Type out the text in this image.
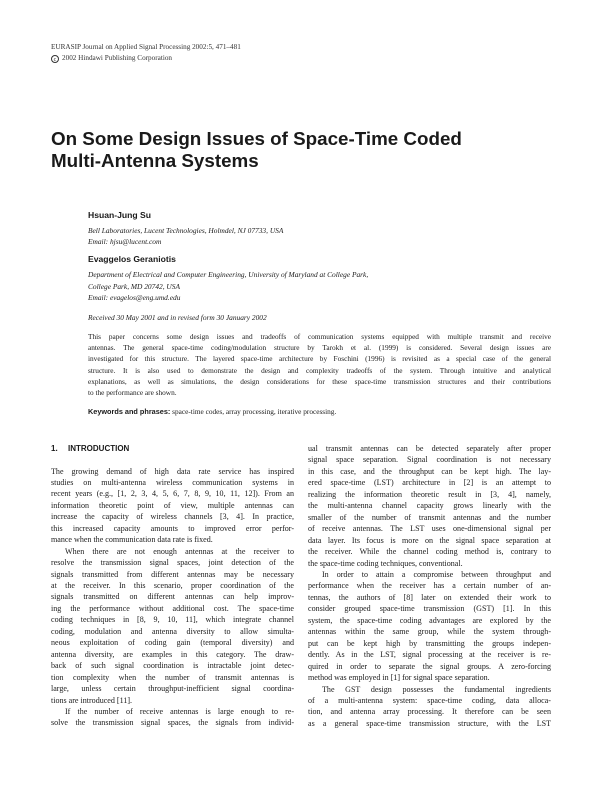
EURASIP Journal on Applied Signal Processing 2002:5, 471–481
c 2002 Hindawi Publishing Corporation
On Some Design Issues of Space-Time Coded
Multi-Antenna Systems
Hsuan-Jung Su
Bell Laboratories, Lucent Technologies, Holmdel, NJ 07733, USA
Email: hjsu@lucent.com
Evaggelos Geraniotis
Department of Electrical and Computer Engineering, University of Maryland at College Park,
College Park, MD 20742, USA
Email: evagelos@eng.umd.edu
Received 30 May 2001 and in revised form 30 January 2002
This paper concerns some design issues and tradeoffs of communication systems equipped with multiple transmit and receive
antennas. The general space-time coding/modulation structure by Tarokh et al. (1999) is considered. Several design issues are
investigated for this structure. The layered space-time architecture by Foschini (1996) is revisited as a special case of the general
structure. It is also used to demonstrate the design and complexity tradeoffs of the system. Through intuitive and analytical
explanations, as well as simulations, the design considerations for these space-time transmission structures and their contributions
to the performance are shown.
Keywords and phrases: space-time codes, array processing, iterative processing.
1. INTRODUCTION
The growing demand of high data rate service has inspired
studies on multi-antenna wireless communication systems in
recent years (e.g., [1, 2, 3, 4, 5, 6, 7, 8, 9, 10, 11, 12]). From an
information theoretic point of view, multiple antennas can
increase the capacity of wireless channels [3, 4]. In practice,
this increased capacity amounts to improved error perfor-
mance when the communication data rate is fixed.
When there are not enough antennas at the receiver to
resolve the transmission signal spaces, joint detection of the
signals transmitted from different antennas may be necessary
at the receiver. In this scenario, proper coordination of the
signals transmitted on different antennas can help improv-
ing the performance without additional cost. The space-time
coding techniques in [8, 9, 10, 11], which integrate channel
coding, modulation and antenna diversity to allow simulta-
neous exploitation of coding gain (temporal diversity) and
antenna diversity, are examples in this category. The draw-
back of such signal coordination is intractable joint detec-
tion complexity when the number of transmit antennas is
large, unless certain throughput-inefficient signal coordina-
tions are introduced [11].
If the number of receive antennas is large enough to re-
solve the transmission signal spaces, the signals from individ-
ual transmit antennas can be detected separately after proper
signal space separation. Signal coordination is not necessary
in this case, and the throughput can be kept high. The lay-
ered space-time (LST) architecture in [2] is an attempt to
realizing the information theoretic result in [3, 4], namely,
the multi-antenna channel capacity grows linearly with the
smaller of the number of transmit antennas and the number
of receive antennas. The LST uses one-dimensional signal per
data layer. Its focus is more on the signal space separation at
the receiver. While the channel coding method is, contrary to
the space-time coding techniques, conventional.
In order to attain a compromise between throughput and
performance when the receiver has a certain number of an-
tennas, the authors of [8] later on extended their work to
consider grouped space-time transmission (GST) [1]. In this
system, the space-time coding advantages are explored by the
antennas within the same group, while the system through-
put can be kept high by transmitting the groups indepen-
dently. As in the LST, signal processing at the receiver is re-
quired in order to separate the signal groups. A zero-forcing
method was employed in [1] for signal space separation.
The GST design possesses the fundamental ingredients
of a multi-antenna system: space-time coding, data alloca-
tion, and antenna array processing. It therefore can be seen
as a general space-time transmission structure, with the LST
